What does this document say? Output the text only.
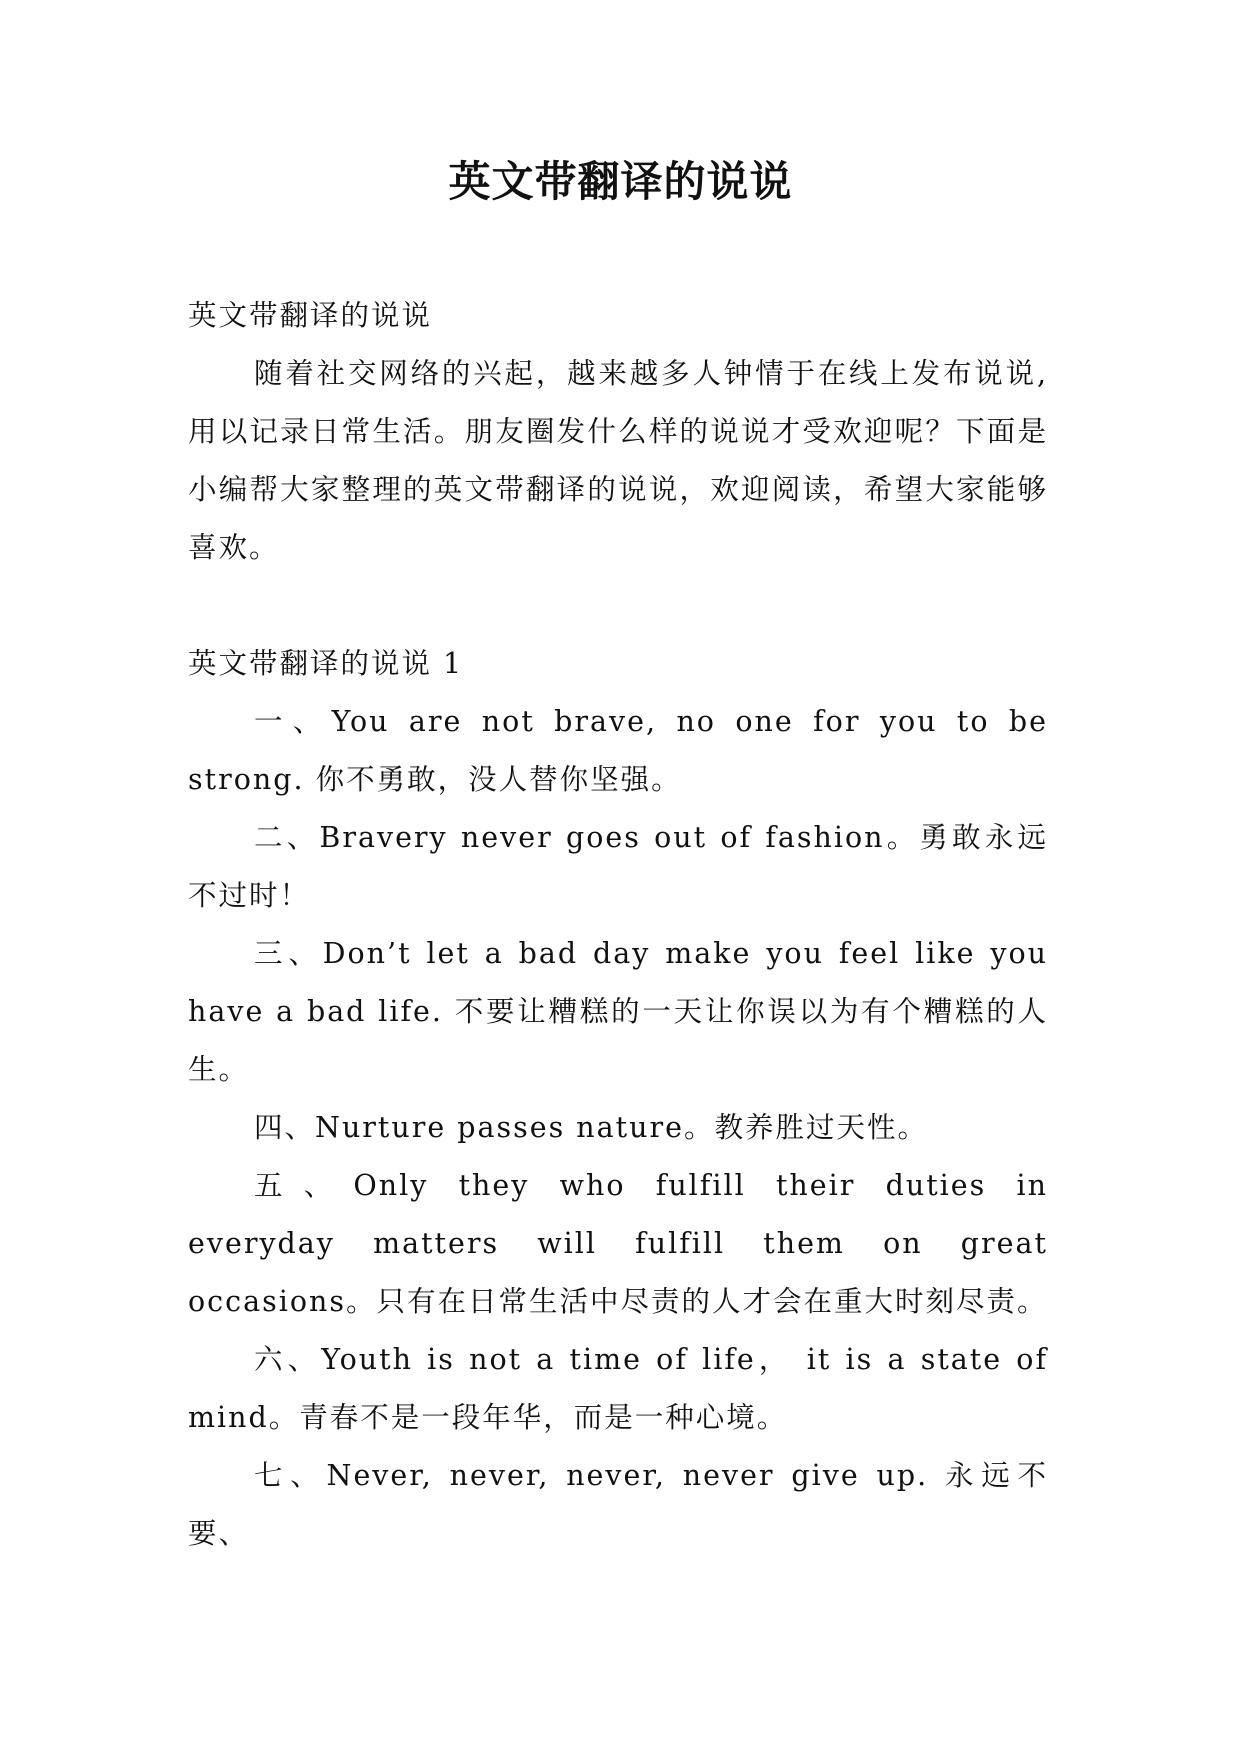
英文带翻译的说说

英文带翻译的说说

随着社交网络的兴起，越来越多人钟情于在线上发布说说,用以记录日常生活。朋友圈发什么样的说说才受欢迎呢？下面是小编帮大家整理的英文带翻译的说说，欢迎阅读，希望大家能够喜欢。

英文带翻译的说说 1

一、You are not brave, no one for you to be strong. 你不勇敢，没人替你坚强。

二、Bravery never goes out of fashion。勇敢永远不过时！

三、Don’t let a bad day make you feel like you have a bad life. 不要让糟糕的一天让你误以为有个糟糕的人生。

四、Nurture passes nature。教养胜过天性。

五、Only they who fulfill their duties in everyday matters will fulfill them on great occasions。只有在日常生活中尽责的人才会在重大时刻尽责。

六、Youth is not a time of life， it is a state of mind。青春不是一段年华，而是一种心境。

七、Never, never, never, never give up. 永远不要、
